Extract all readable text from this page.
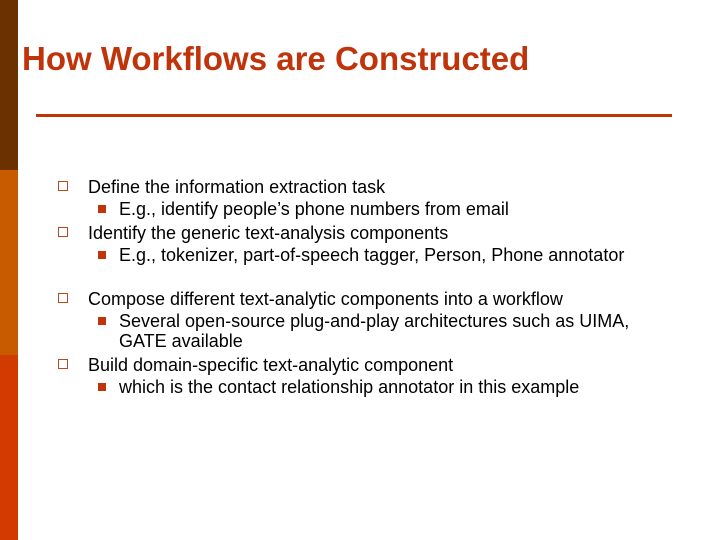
How Workflows are Constructed
Define the information extraction task
E.g., identify people’s phone numbers from email
Identify the generic text-analysis components
E.g., tokenizer, part-of-speech tagger, Person, Phone annotator
Compose different text-analytic components into a workflow
Several open-source plug-and-play architectures such as UIMA, GATE available
Build domain-specific text-analytic component
which is the contact relationship annotator in this example
